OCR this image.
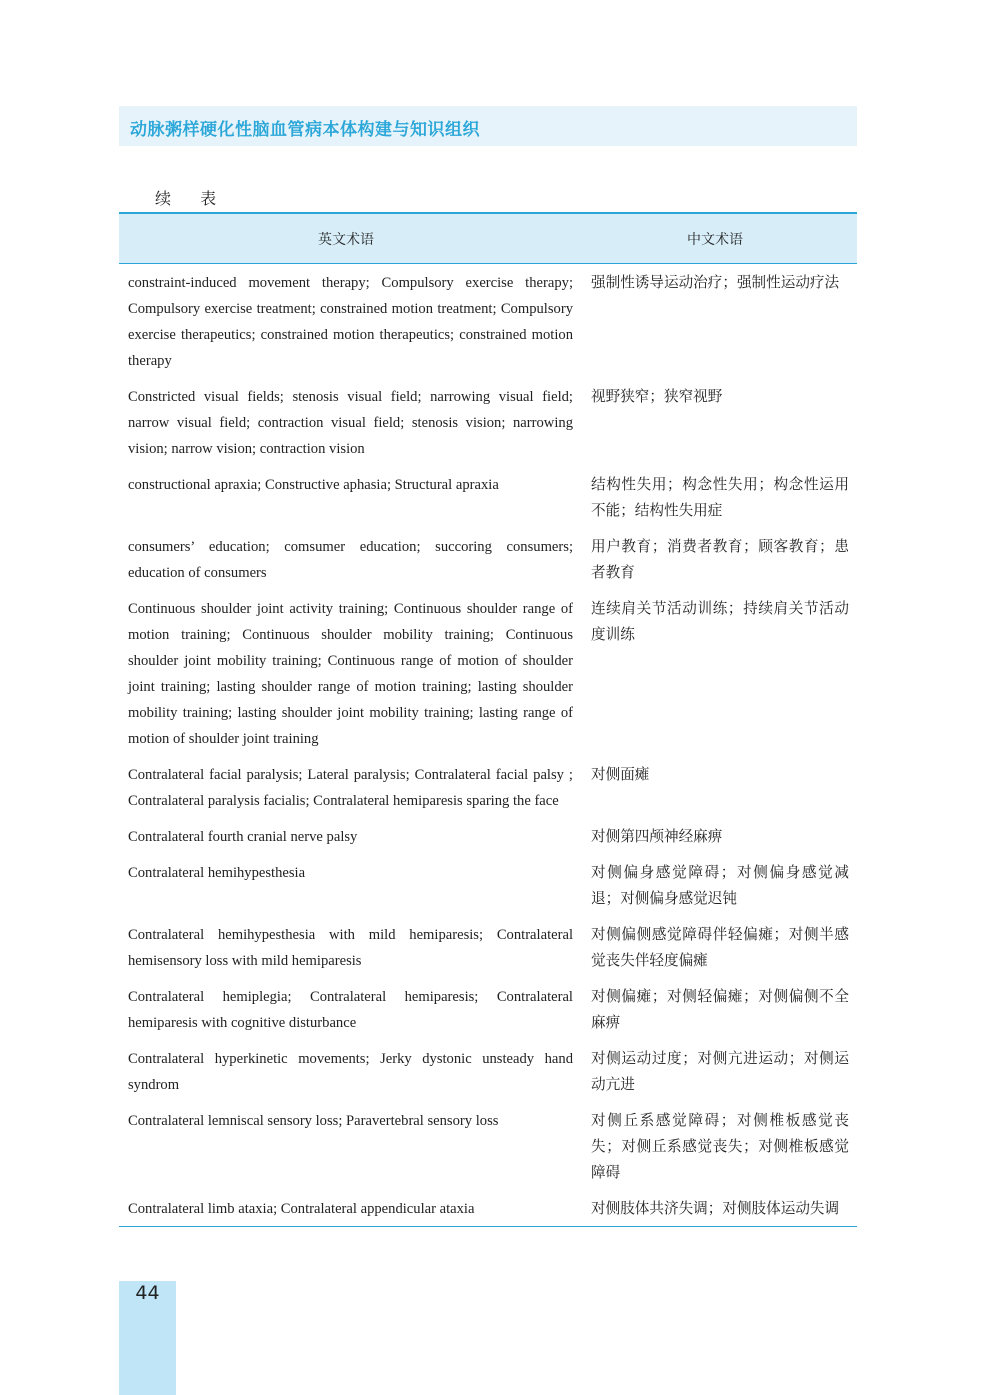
动脉粥样硬化性脑血管病本体构建与知识组织
续 表
英文术语	中文术语
constraint-induced movement therapy; Compulsory exercise therapy; Compulsory exercise treatment; constrained motion treatment; Compulsory exercise therapeutics; constrained motion therapeutics; constrained motion therapy	强制性诱导运动治疗；强制性运动疗法
Constricted visual fields; stenosis visual field; narrowing visual field; narrow visual field; contraction visual field; stenosis vision; narrowing vision; narrow vision; contraction vision	视野狭窄；狭窄视野
constructional apraxia; Constructive aphasia; Structural apraxia	结构性失用；构念性失用；构念性运用不能；结构性失用症
consumers’ education; comsumer education; succoring consumers; education of consumers	用户教育；消费者教育；顾客教育；患者教育
Continuous shoulder joint activity training; Continuous shoulder range of motion training; Continuous shoulder mobility training; Continuous shoulder joint mobility training; Continuous range of motion of shoulder joint training; lasting shoulder range of motion training; lasting shoulder mobility training; lasting shoulder joint mobility training; lasting range of motion of shoulder joint training	连续肩关节活动训练；持续肩关节活动度训练
Contralateral facial paralysis; Lateral paralysis; Contralateral facial palsy ; Contralateral paralysis facialis; Contralateral hemiparesis sparing the face	对侧面瘫
Contralateral fourth cranial nerve palsy	对侧第四颅神经麻痹
Contralateral hemihypesthesia	对侧偏身感觉障碍；对侧偏身感觉减退；对侧偏身感觉迟钝
Contralateral hemihypesthesia with mild hemiparesis; Contralateral hemisensory loss with mild hemiparesis	对侧偏侧感觉障碍伴轻偏瘫；对侧半感觉丧失伴轻度偏瘫
Contralateral hemiplegia; Contralateral hemiparesis; Contralateral hemiparesis with cognitive disturbance	对侧偏瘫；对侧轻偏瘫；对侧偏侧不全麻痹
Contralateral hyperkinetic movements; Jerky dystonic unsteady hand syndrom	对侧运动过度；对侧亢进运动；对侧运动亢进
Contralateral lemniscal sensory loss; Paravertebral sensory loss	对侧丘系感觉障碍；对侧椎板感觉丧失；对侧丘系感觉丧失；对侧椎板感觉障碍
Contralateral limb ataxia; Contralateral appendicular ataxia	对侧肢体共济失调；对侧肢体运动失调
44
